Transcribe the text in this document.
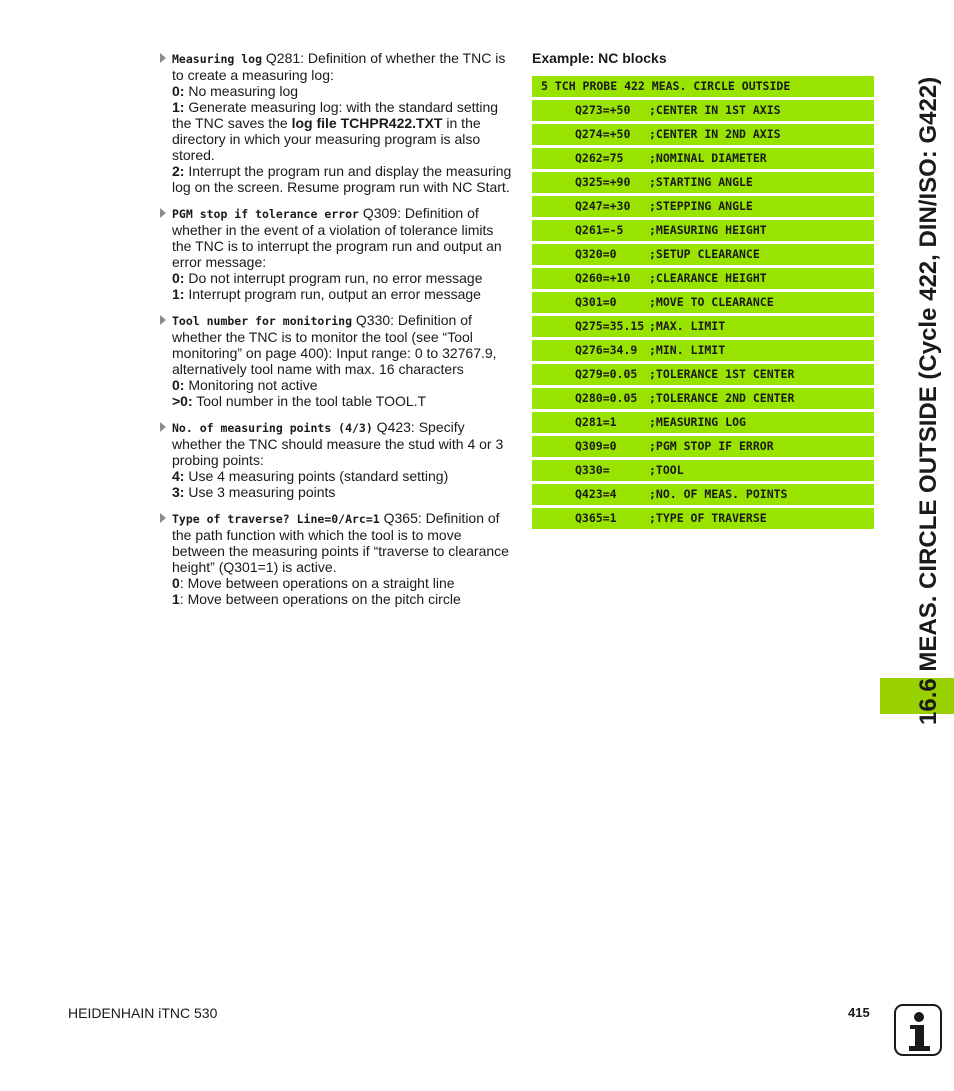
Measuring log Q281: Definition of whether the TNC is to create a measuring log:
0: No measuring log
1: Generate measuring log: with the standard setting the TNC saves the log file TCHPR422.TXT in the directory in which your measuring program is also stored.
2: Interrupt the program run and display the measuring log on the screen. Resume program run with NC Start.
PGM stop if tolerance error Q309: Definition of whether in the event of a violation of tolerance limits the TNC is to interrupt the program run and output an error message:
0: Do not interrupt program run, no error message
1: Interrupt program run, output an error message
Tool number for monitoring Q330: Definition of whether the TNC is to monitor the tool (see “Tool monitoring” on page 400): Input range: 0 to 32767.9, alternatively tool name with max. 16 characters
0: Monitoring not active
>0: Tool number in the tool table TOOL.T
No. of measuring points (4/3) Q423: Specify whether the TNC should measure the stud with 4 or 3 probing points:
4: Use 4 measuring points (standard setting)
3: Use 3 measuring points
Type of traverse? Line=0/Arc=1 Q365: Definition of the path function with which the tool is to move between the measuring points if “traverse to clearance height” (Q301=1) is active.
0: Move between operations on a straight line
1: Move between operations on the pitch circle
Example: NC blocks
5 TCH PROBE 422 MEAS. CIRCLE OUTSIDE
Q273=+50 ;CENTER IN 1ST AXIS
Q274=+50 ;CENTER IN 2ND AXIS
Q262=75 ;NOMINAL DIAMETER
Q325=+90 ;STARTING ANGLE
Q247=+30 ;STEPPING ANGLE
Q261=-5 ;MEASURING HEIGHT
Q320=0	;SETUP CLEARANCE
Q260=+10 ;CLEARANCE HEIGHT
Q301=0	;MOVE TO CLEARANCE
Q275=35.15 ;MAX. LIMIT
Q276=34.9 ;MIN. LIMIT
Q279=0.05 ;TOLERANCE 1ST CENTER
Q280=0.05 ;TOLERANCE 2ND CENTER
Q281=1	;MEASURING LOG
Q309=0	;PGM STOP IF ERROR
Q330=	;TOOL
Q423=4	;NO. OF MEAS. POINTS
Q365=1	;TYPE OF TRAVERSE	16.6 MEAS. CIRCLE OUTSIDE (Cycle 422, DIN/ISO: G422)
HEIDENHAIN iTNC 530	415
